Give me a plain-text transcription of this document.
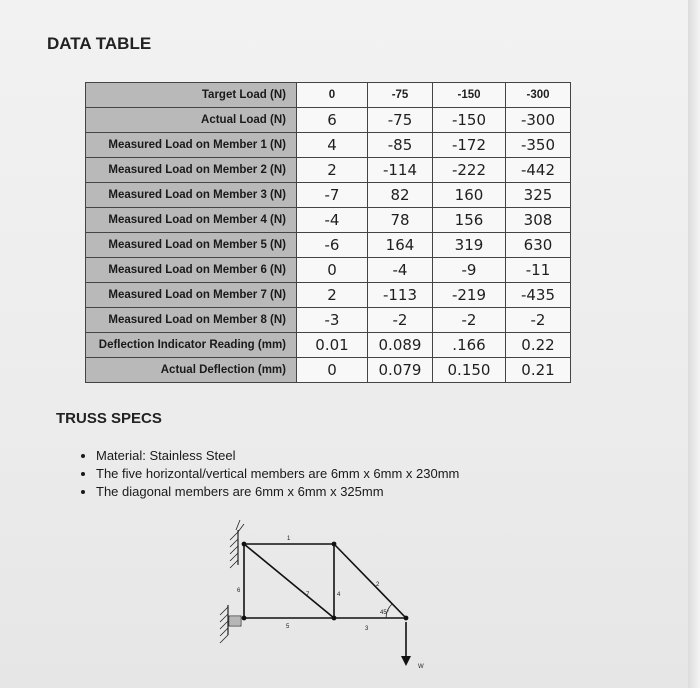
DATA TABLE
Target Load (N)	0	-75	-150	-300
Actual Load (N)	6	-75	-150	-300
Measured Load on Member 1 (N)	4	-85	-172	-350
Measured Load on Member 2 (N)	2	-114	-222	-442
Measured Load on Member 3 (N)	-7	82	160	325
Measured Load on Member 4 (N)	-4	78	156	308
Measured Load on Member 5 (N)	-6	164	319	630
Measured Load on Member 6 (N)	0	-4	-9	-11
Measured Load on Member 7 (N)	2	-113	-219	-435
Measured Load on Member 8 (N)	-3	-2	-2	-2
Deflection Indicator Reading (mm)	0.01	0.089	.166	0.22
Actual Deflection (mm)	0	0.079	0.150	0.21
TRUSS SPECS
• Material: Stainless Steel
• The five horizontal/vertical members are 6mm x 6mm x 230mm
• The diagonal members are 6mm x 6mm x 325mm
1
2
3
4
5
6
7
45°
W
